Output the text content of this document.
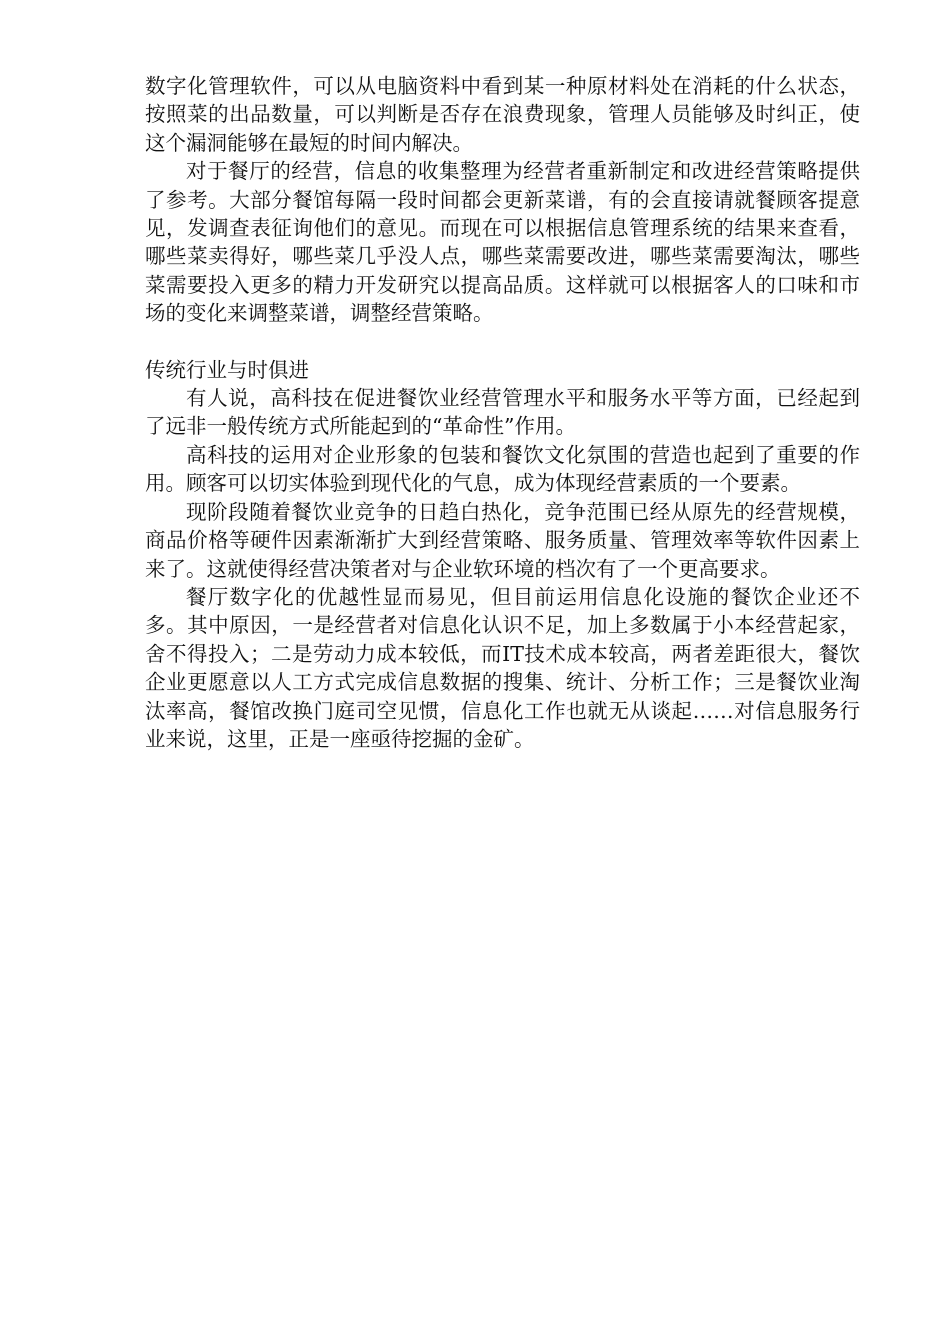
数字化管理软件，可以从电脑资料中看到某一种原材料处在消耗的什么状态，按照菜的出品数量，可以判断是否存在浪费现象，管理人员能够及时纠正，使这个漏洞能够在最短的时间内解决。

对于餐厅的经营，信息的收集整理为经营者重新制定和改进经营策略提供了参考。大部分餐馆每隔一段时间都会更新菜谱，有的会直接请就餐顾客提意见，发调查表征询他们的意见。而现在可以根据信息管理系统的结果来查看，哪些菜卖得好，哪些菜几乎没人点，哪些菜需要改进，哪些菜需要淘汰，哪些菜需要投入更多的精力开发研究以提高品质。这样就可以根据客人的口味和市场的变化来调整菜谱，调整经营策略。

传统行业与时俱进

有人说，高科技在促进餐饮业经营管理水平和服务水平等方面，已经起到了远非一般传统方式所能起到的“革命性”作用。

高科技的运用对企业形象的包装和餐饮文化氛围的营造也起到了重要的作用。顾客可以切实体验到现代化的气息，成为体现经营素质的一个要素。

现阶段随着餐饮业竞争的日趋白热化，竞争范围已经从原先的经营规模，商品价格等硬件因素渐渐扩大到经营策略、服务质量、管理效率等软件因素上来了。这就使得经营决策者对与企业软环境的档次有了一个更高要求。

餐厅数字化的优越性显而易见，但目前运用信息化设施的餐饮企业还不多。其中原因，一是经营者对信息化认识不足，加上多数属于小本经营起家，舍不得投入；二是劳动力成本较低，而IT技术成本较高，两者差距很大，餐饮企业更愿意以人工方式完成信息数据的搜集、统计、分析工作；三是餐饮业淘汰率高，餐馆改换门庭司空见惯，信息化工作也就无从谈起……对信息服务行业来说，这里，正是一座亟待挖掘的金矿。
